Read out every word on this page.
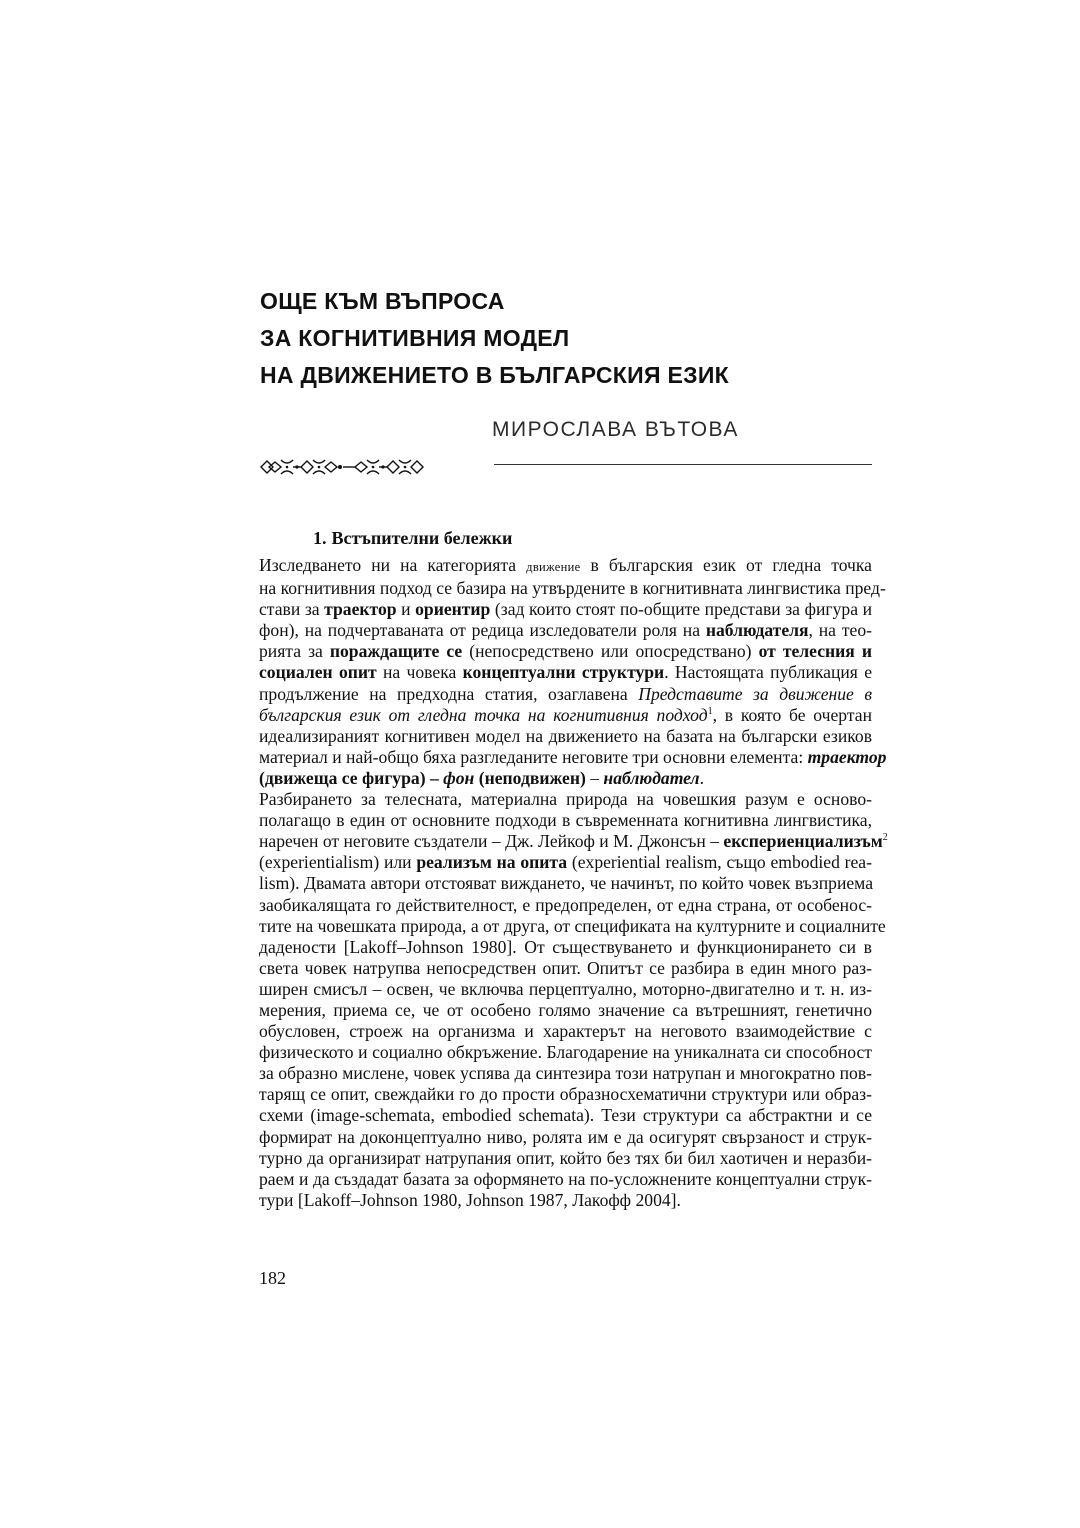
ОЩЕ КЪМ ВЪПРОСА
ЗА КОГНИТИВНИЯ МОДЕЛ
НА ДВИЖЕНИЕТО В БЪЛГАРСКИЯ ЕЗИК
МИРОСЛАВА ВЪТОВА
1. Встъпителни бележки

Изследването ни на категорията движение в българския език от гледна точка
на когнитивния подход се базира на утвърдените в когнитивната лингвистика пред-
стави за траектор и ориентир (зад които стоят по-общите представи за фигура и
фон), на подчертаваната от редица изследователи роля на наблюдателя, на тео-
рията за пораждащите се (непосредствено или опосредствано) от телесния и
социален опит на човека концептуални структури. Настоящата публикация е
продължение на предходна статия, озаглавена Представите за движение в
българския език от гледна точка на когнитивния подход$^1$, в която бе очертан
идеализираният когнитивен модел на движението на базата на български езиков
материал и най-общо бяха разгледаните неговите три основни елемента: траектор
(движеща се фигура) – фон (неподвижен) – наблюдател.

Разбирането за телесната, материална природа на човешкия разум е осново-
полагащо в един от основните подходи в съвременната когнитивна лингвистика,
наречен от неговите създатели – Дж. Лейкоф и М. Джонсън – експериенциализъм$^2$
(experientialism) или реализъм на опита (experiential realism, също embodied rea-
lism). Двамата автори отстояват виждането, че начинът, по който човек възприема
заобикалящата го действителност, е предопределен, от една страна, от особенос-
тите на човешката природа, а от друга, от спецификата на културните и социалните
дадености [Lakoff–Johnson 1980]. От съществуването и функционирането си в
света човек натрупва непосредствен опит. Опитът се разбира в един много раз-
ширен смисъл – освен, че включва перцептуално, моторно-двигателно и т. н. из-
мерения, приема се, че от особено голямо значение са вътрешният, генетично
обусловен, строеж на организма и характерът на неговото взаимодействие с
физическото и социално обкръжение. Благодарение на уникалната си способност
за образно мислене, човек успява да синтезира този натрупан и многократно пов-
тарящ се опит, свеждайки го до прости образносхематични структури или образ-
схеми (image-schemata, embodied schemata). Тези структури са абстрактни и се
формират на доконцептуално ниво, ролята им е да осигурят свързаност и струк-
турно да организират натрупания опит, който без тях би бил хаотичен и неразби-
раем и да създадат базата за оформянето на по-усложнените концептуални струк-
тури [Lakoff–Johnson 1980, Johnson 1987, Лакофф 2004].

182
